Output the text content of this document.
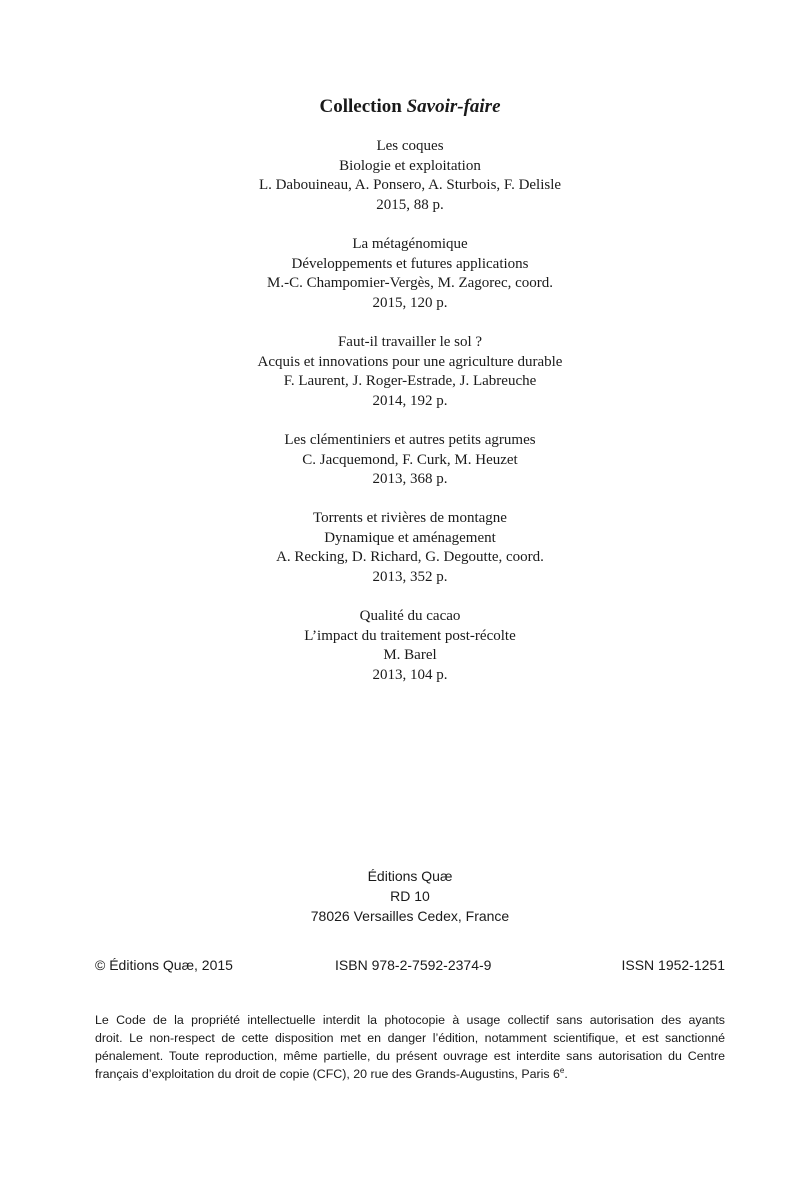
Collection Savoir-faire
Les coques
Biologie et exploitation
L. Dabouineau, A. Ponsero, A. Sturbois, F. Delisle
2015, 88 p.
La métagénomique
Développements et futures applications
M.-C. Champomier-Vergès, M. Zagorec, coord.
2015, 120 p.
Faut-il travailler le sol ?
Acquis et innovations pour une agriculture durable
F. Laurent, J. Roger-Estrade, J. Labreuche
2014, 192 p.
Les clémentiniers et autres petits agrumes
C. Jacquemond, F. Curk, M. Heuzet
2013, 368 p.
Torrents et rivières de montagne
Dynamique et aménagement
A. Recking, D. Richard, G. Degoutte, coord.
2013, 352 p.
Qualité du cacao
L’impact du traitement post-récolte
M. Barel
2013, 104 p.
Éditions Quæ
RD 10
78026 Versailles Cedex, France
© Éditions Quæ, 2015	ISBN 978-2-7592-2374-9	ISSN 1952-1251
Le Code de la propriété intellectuelle interdit la photocopie à usage collectif sans autorisation des ayants
droit. Le non-respect de cette disposition met en danger l’édition, notamment scientifique, et est sanctionné
pénalement. Toute reproduction, même partielle, du présent ouvrage est interdite sans autorisation du Centre
français d’exploitation du droit de copie (CFC), 20 rue des Grands-Augustins, Paris 6e.
